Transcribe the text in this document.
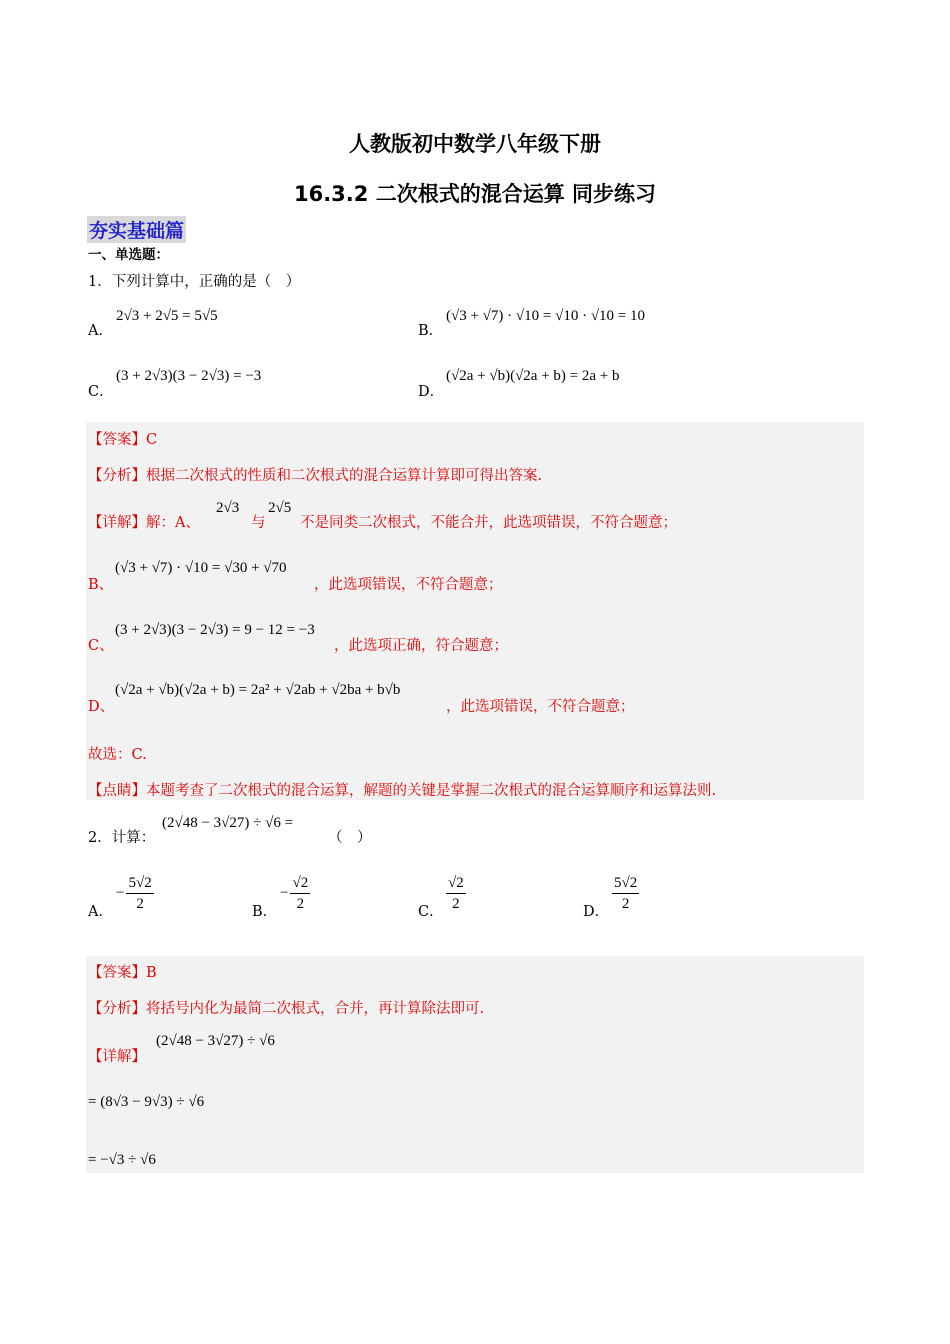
人教版初中数学八年级下册
16.3.2 二次根式的混合运算 同步练习
夯实基础篇
一、单选题：
1．下列计算中，正确的是（　）
A．
2√3 + 2√5 = 5√5
B．
(√3 + √7) · √10 = √10 · √10 = 10
C．
(3 + 2√3)(3 − 2√3) = −3
D．
(√2a + √b)(√2a + b) = 2a + b
【答案】C
【分析】根据二次根式的性质和二次根式的混合运算计算即可得出答案.
【详解】解：A、
2√3
与
2√5
不是同类二次根式，不能合并，此选项错误，不符合题意；
B、
(√3 + √7) · √10 = √30 + √70
，此选项错误，不符合题意；
C、
(3 + 2√3)(3 − 2√3) = 9 − 12 = −3
，此选项正确，符合题意；
D、
(√2a + √b)(√2a + b) = 2a² + √2ab + √2ba + b√b
，此选项错误，不符合题意；
故选：C.
【点睛】本题考查了二次根式的混合运算，解题的关键是掌握二次根式的混合运算顺序和运算法则.
2．计算：
(2√48 − 3√27) ÷ √6 =
（　）
A．
− $\frac{5√2}{2}$	B．
− $\frac{√2}{2}$	C． $\frac{√2}{2}$	D． $\frac{5√2}{2}$
【答案】B
【分析】将括号内化为最简二次根式，合并，再计算除法即可.
【详解】
(2√48 − 3√27) ÷ √6
= (8√3 − 9√3) ÷ √6
= −√3 ÷ √6
